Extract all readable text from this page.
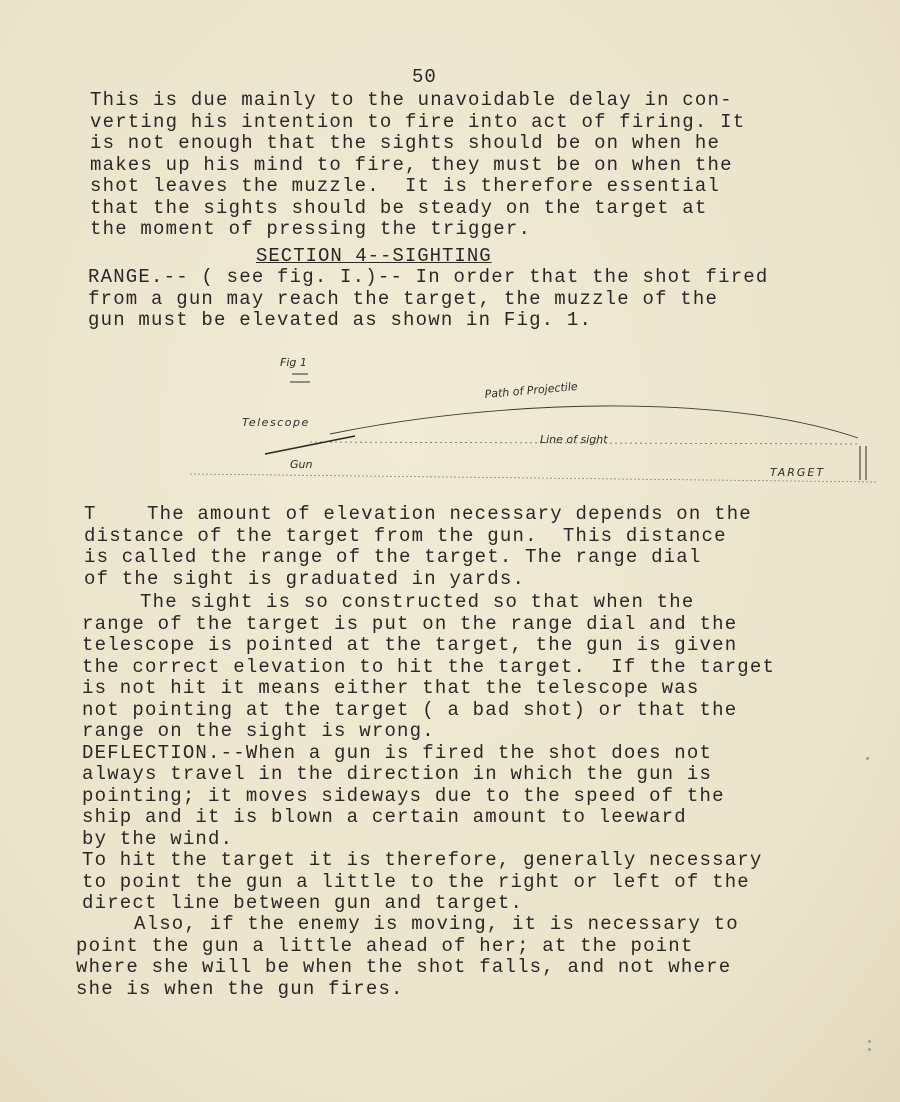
50
This is due mainly to the unavoidable delay in con-
verting his intention to fire into act of firing. It
is not enough that the sights should be on when he
makes up his mind to fire, they must be on when the
shot leaves the muzzle.  It is therefore essential
that the sights should be steady on the target at
the moment of pressing the trigger.
SECTION 4--SIGHTING
RANGE.-- ( see fig. I.)-- In order that the shot fired
from a gun may reach the target, the muzzle of the
gun must be elevated as shown in Fig. 1.
Fig 1
Path of Projectile
Telescope
Line of sight
Gun
TARGET
T    The amount of elevation necessary depends on the
distance of the target from the gun.  This distance
is called the range of the target. The range dial
of the sight is graduated in yards.
The sight is so constructed so that when the
range of the target is put on the range dial and the
telescope is pointed at the target, the gun is given
the correct elevation to hit the target.  If the target
is not hit it means either that the telescope was
not pointing at the target ( a bad shot) or that the
range on the sight is wrong.
DEFLECTION.--When a gun is fired the shot does not
always travel in the direction in which the gun is
pointing; it moves sideways due to the speed of the
ship and it is blown a certain amount to leeward
by the wind.
To hit the target it is therefore, generally necessary
to point the gun a little to the right or left of the
direct line between gun and target.
Also, if the enemy is moving, it is necessary to
point the gun a little ahead of her; at the point
where she will be when the shot falls, and not where
she is when the gun fires.
